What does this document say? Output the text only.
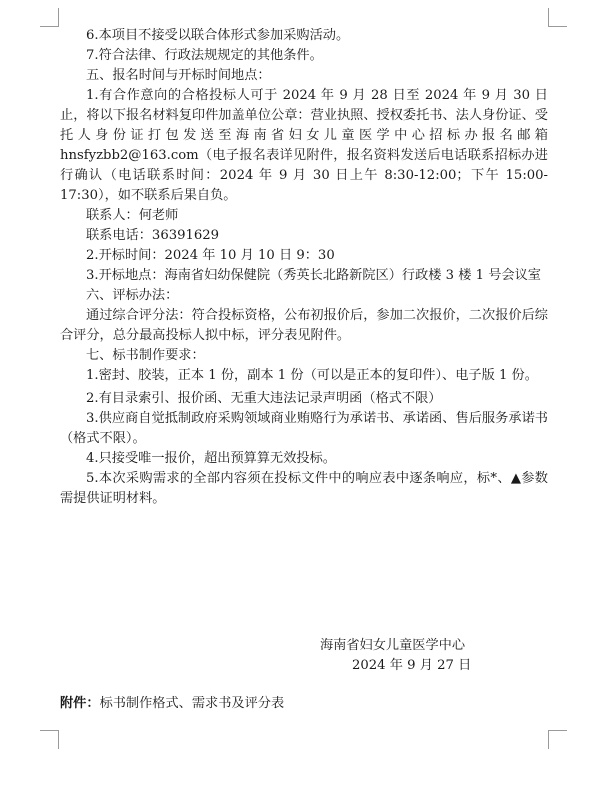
6.本项目不接受以联合体形式参加采购活动。

7.符合法律、行政法规规定的其他条件。

五、报名时间与开标时间地点：

1.有合作意向的合格投标人可于 2024 年 9 月 28 日至 2024 年 9 月 30 日止，将以下报名材料复印件加盖单位公章：营业执照、授权委托书、法人身份证、受托人身份证打包发送至海南省妇女儿童医学中心招标办报名邮箱 hnsfyzbb2@163.com（电子报名表详见附件，报名资料发送后电话联系招标办进行确认（电话联系时间：2024 年 9 月 30 日上午 8:30-12:00；下午 15:00-17:30），如不联系后果自负。

联系人：何老师

联系电话：36391629

2.开标时间：2024 年 10 月 10 日 9：30

3.开标地点：海南省妇幼保健院（秀英长北路新院区）行政楼 3 楼 1 号会议室

六、评标办法：

通过综合评分法：符合投标资格，公布初报价后，参加二次报价，二次报价后综合评分，总分最高投标人拟中标，评分表见附件。

七、标书制作要求：

1.密封、胶装，正本 1 份，副本 1 份（可以是正本的复印件）、电子版 1 份。

2.有目录索引、报价函、无重大违法记录声明函（格式不限）

3.供应商自觉抵制政府采购领域商业贿赂行为承诺书、承诺函、售后服务承诺书（格式不限）。

4.只接受唯一报价，超出预算算无效投标。

5.本次采购需求的全部内容须在投标文件中的响应表中逐条响应，标*、▲参数需提供证明材料。

海南省妇女儿童医学中心
2024 年 9 月 27 日
附件：标书制作格式、需求书及评分表
